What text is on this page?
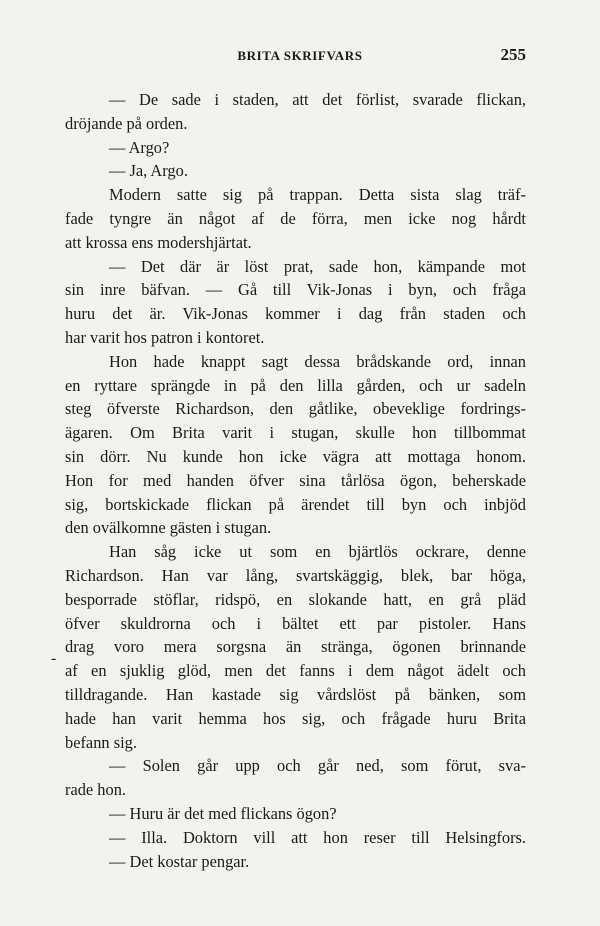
BRITA SKRIFVARS	255
-
— De sade i staden, att det förlist, svarade flickan,
dröjande på orden.
— Argo?
— Ja, Argo.
Modern satte sig på trappan. Detta sista slag träf-
fade tyngre än något af de förra, men icke nog hårdt
att krossa ens modershjärtat.
— Det där är löst prat, sade hon, kämpande mot
sin inre bäfvan. — Gå till Vik-Jonas i byn, och fråga
huru det är. Vik-Jonas kommer i dag från staden och
har varit hos patron i kontoret.
Hon hade knappt sagt dessa brådskande ord, innan
en ryttare sprängde in på den lilla gården, och ur sadeln
steg öfverste Richardson, den gåtlike, obeveklige fordrings-
ägaren. Om Brita varit i stugan, skulle hon tillbommat
sin dörr. Nu kunde hon icke vägra att mottaga honom.
Hon for med handen öfver sina tårlösa ögon, beherskade
sig, bortskickade flickan på ärendet till byn och inbjöd
den ovälkomne gästen i stugan.
Han såg icke ut som en bjärtlös ockrare, denne
Richardson. Han var lång, svartskäggig, blek, bar höga,
besporrade stöflar, ridspö, en slokande hatt, en grå pläd
öfver skuldrorna och i bältet ett par pistoler. Hans
drag voro mera sorgsna än stränga, ögonen brinnande
af en sjuklig glöd, men det fanns i dem något ädelt och
tilldragande. Han kastade sig vårdslöst på bänken, som
hade han varit hemma hos sig, och frågade huru Brita
befann sig.
— Solen går upp och går ned, som förut, sva-
rade hon.
— Huru är det med flickans ögon?
— Illa. Doktorn vill att hon reser till Helsingfors.
— Det kostar pengar.
